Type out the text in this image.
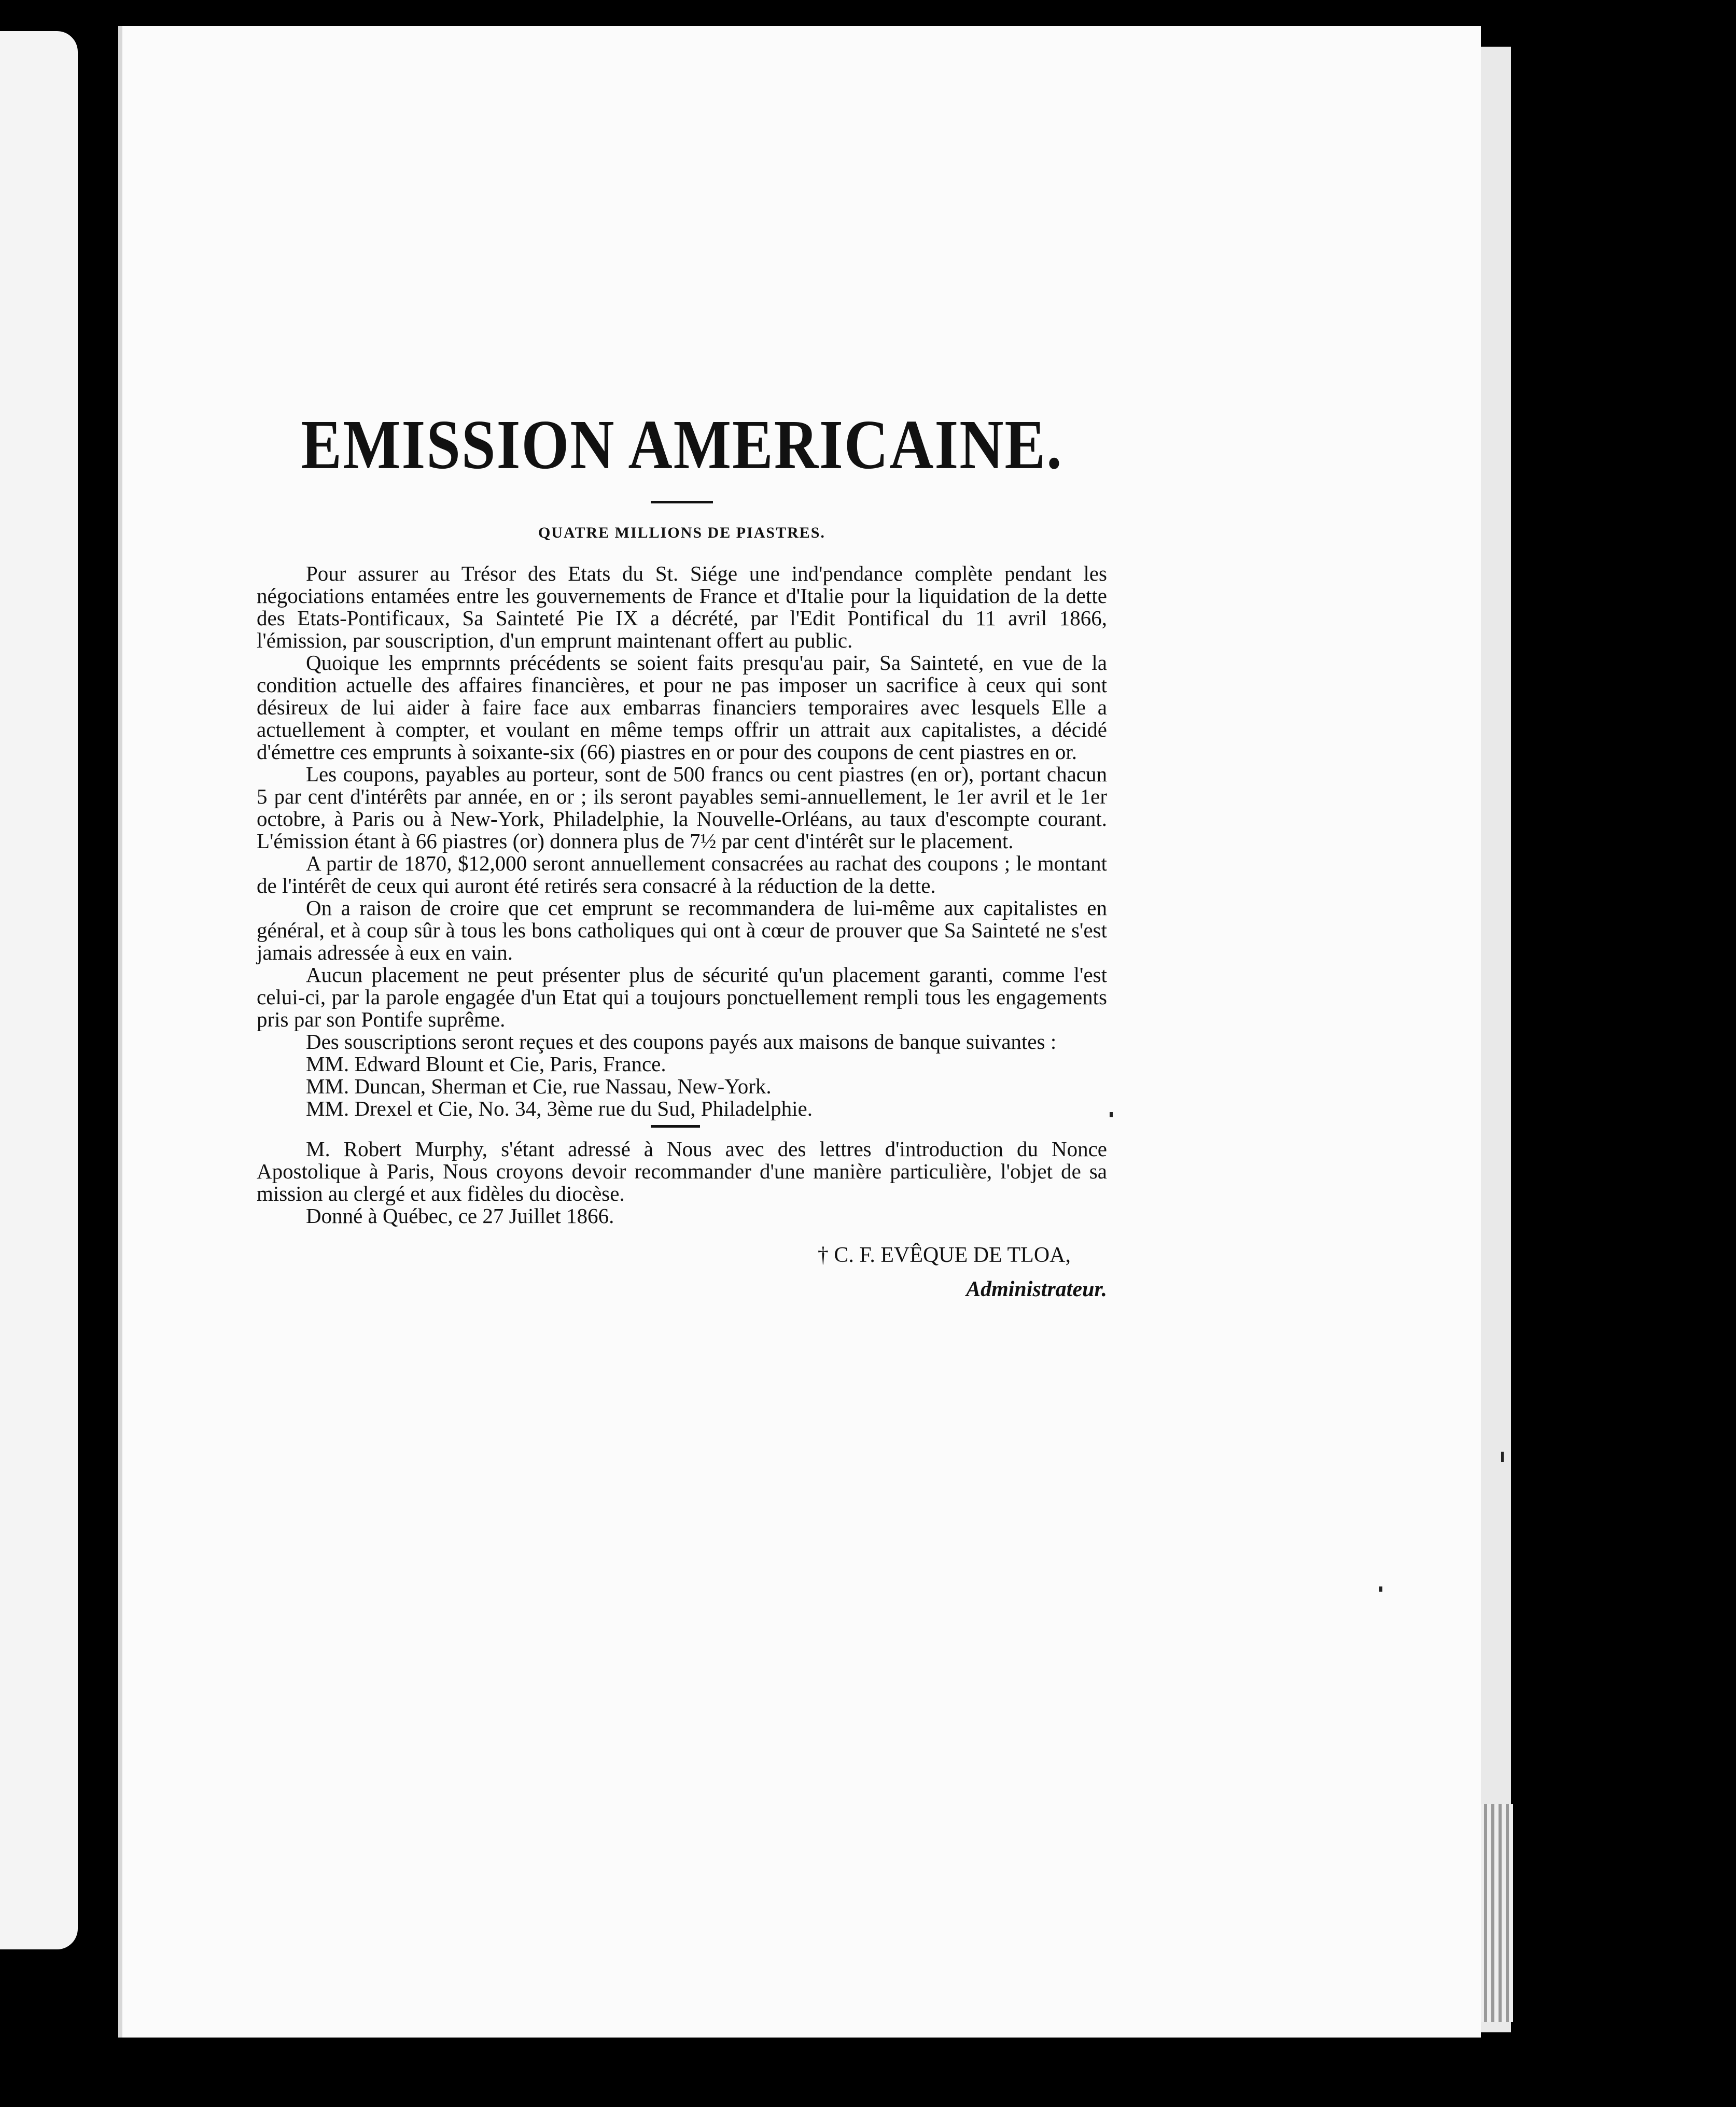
EMISSION AMERICAINE.
QUATRE MILLIONS DE PIASTRES.

Pour assurer au Trésor des Etats du St. Siége une ind'pendance complète pendant les négociations entamées entre les gouvernements de France et d'Italie pour la liquidation de la dette des Etats-Pontificaux, Sa Sainteté Pie IX a décrété, par l'Edit Pontifical du 11 avril 1866, l'émission, par souscription, d'un emprunt maintenant offert au public.

Quoique les emprnnts précédents se soient faits presqu'au pair, Sa Sainteté, en vue de la condition actuelle des affaires financières, et pour ne pas imposer un sacrifice à ceux qui sont désireux de lui aider à faire face aux embarras financiers temporaires avec lesquels Elle a actuellement à compter, et voulant en même temps offrir un attrait aux capitalistes, a décidé d'émettre ces emprunts à soixante-six (66) piastres en or pour des coupons de cent piastres en or.

Les coupons, payables au porteur, sont de 500 francs ou cent piastres (en or), portant chacun 5 par cent d'intérêts par année, en or ; ils seront payables semi-annuellement, le 1er avril et le 1er octobre, à Paris ou à New-York, Philadelphie, la Nouvelle-Orléans, au taux d'escompte courant. L'émission étant à 66 piastres (or) donnera plus de 7½ par cent d'intérêt sur le placement.

A partir de 1870, $12,000 seront annuellement consacrées au rachat des coupons ; le montant de l'intérêt de ceux qui auront été retirés sera consacré à la réduction de la dette.

On a raison de croire que cet emprunt se recommandera de lui-même aux capitalistes en général, et à coup sûr à tous les bons catholiques qui ont à cœur de prouver que Sa Sainteté ne s'est jamais adressée à eux en vain.

Aucun placement ne peut présenter plus de sécurité qu'un placement garanti, comme l'est celui-ci, par la parole engagée d'un Etat qui a toujours ponctuellement rempli tous les engagements pris par son Pontife suprême.

Des souscriptions seront reçues et des coupons payés aux maisons de banque suivantes :

MM. Edward Blount et Cie, Paris, France.

MM. Duncan, Sherman et Cie, rue Nassau, New-York.

MM. Drexel et Cie, No. 34, 3ème rue du Sud, Philadelphie.

M. Robert Murphy, s'étant adressé à Nous avec des lettres d'introduction du Nonce Apostolique à Paris, Nous croyons devoir recommander d'une manière particulière, l'objet de sa mission au clergé et aux fidèles du diocèse.

Donné à Québec, ce 27 Juillet 1866.

† C. F. EVÊQUE DE TLOA,
Administrateur.
